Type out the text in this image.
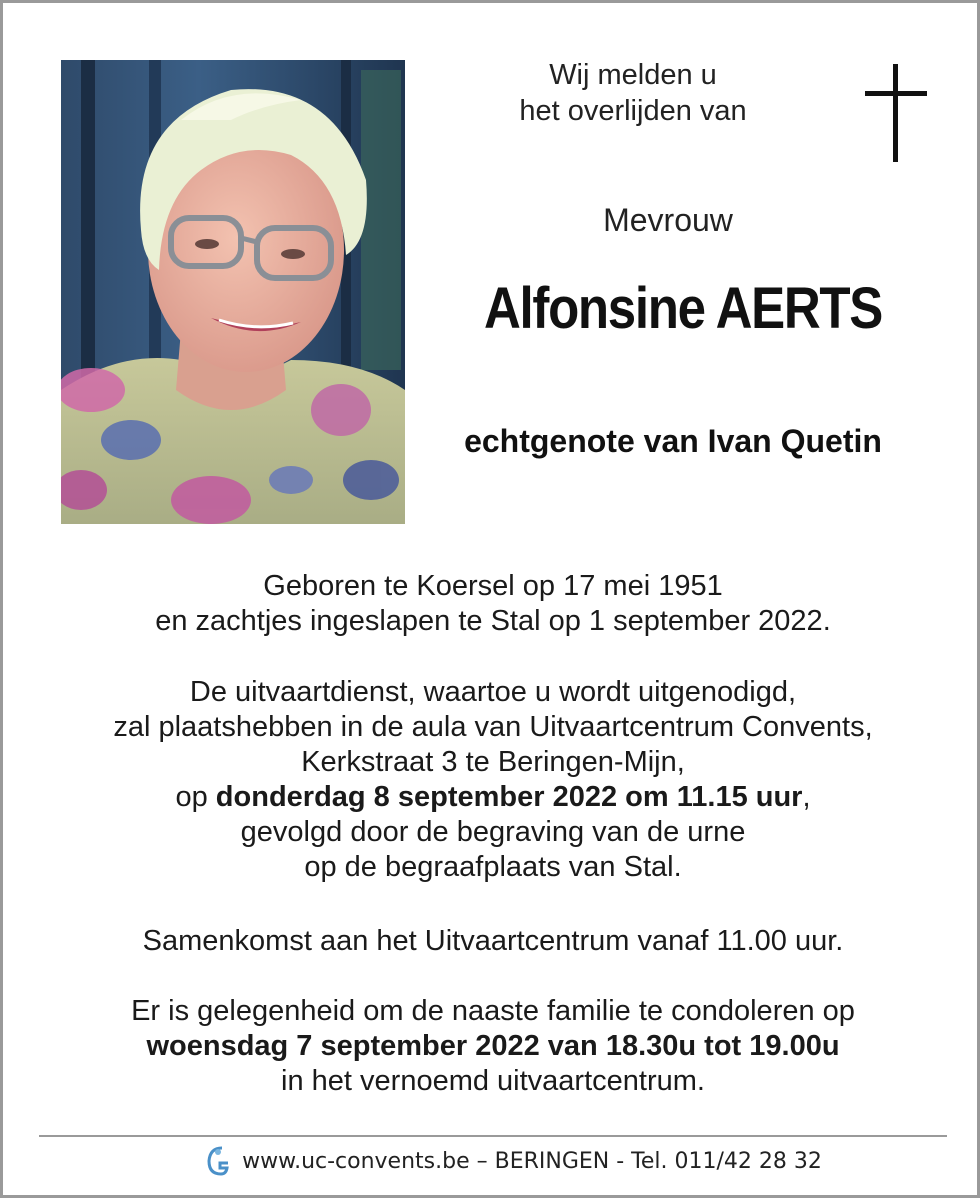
Wij melden u
het overlijden van
Mevrouw
Alfonsine AERTS
echtgenote van Ivan Quetin
Geboren te Koersel op 17 mei 1951
en zachtjes ingeslapen te Stal op 1 september 2022.
De uitvaartdienst, waartoe u wordt uitgenodigd,
zal plaatshebben in de aula van Uitvaartcentrum Convents,
Kerkstraat 3 te Beringen-Mijn,
op donderdag 8 september 2022 om 11.15 uur,
gevolgd door de begraving van de urne
op de begraafplaats van Stal.
Samenkomst aan het Uitvaartcentrum vanaf 11.00 uur.
Er is gelegenheid om de naaste familie te condoleren op
woensdag 7 september 2022 van 18.30u tot 19.00u
in het vernoemd uitvaartcentrum.
www.uc-convents.be – BERINGEN - Tel. 011/42 28 32
